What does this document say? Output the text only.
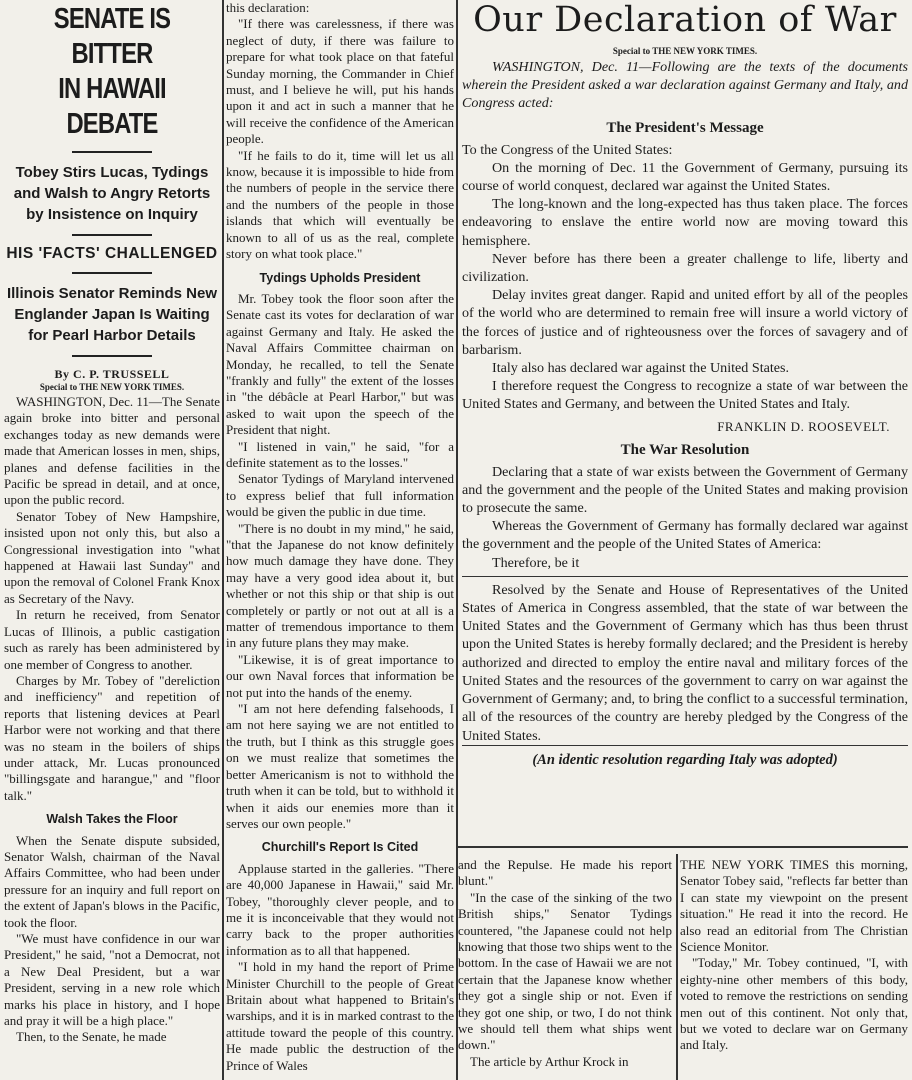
SENATE IS BITTER
IN HAWAII DEBATE
Tobey Stirs Lucas, Tydings
and Walsh to Angry Retorts
by Insistence on Inquiry
HIS 'FACTS' CHALLENGED
Illinois Senator Reminds New
Englander Japan Is Waiting
for Pearl Harbor Details
By C. P. TRUSSELL
Special to THE NEW YORK TIMES.

WASHINGTON, Dec. 11—The Senate again broke into bitter and personal exchanges today as new demands were made that American losses in men, ships, planes and defense facilities in the Pacific be spread in detail, and at once, upon the public record.

Senator Tobey of New Hampshire, insisted upon not only this, but also a Congressional investigation into "what happened at Hawaii last Sunday" and upon the removal of Colonel Frank Knox as Secretary of the Navy.

In return he received, from Senator Lucas of Illinois, a public castigation such as rarely has been administered by one member of Congress to another.

Charges by Mr. Tobey of "dereliction and inefficiency" and repetition of reports that listening devices at Pearl Harbor were not working and that there was no steam in the boilers of ships under attack, Mr. Lucas pronounced "billingsgate and harangue," and "floor talk."

Walsh Takes the Floor

When the Senate dispute subsided, Senator Walsh, chairman of the Naval Affairs Committee, who had been under pressure for an inquiry and full report on the extent of Japan's blows in the Pacific, took the floor.

"We must have confidence in our war President," he said, "not a Democrat, not a New Deal President, but a war President, serving in a new role which marks his place in history, and I hope and pray it will be a high place."

Then, to the Senate, he made

this declaration:

"If there was carelessness, if there was neglect of duty, if there was failure to prepare for what took place on that fateful Sunday morning, the Commander in Chief must, and I believe he will, put his hands upon it and act in such a manner that he will receive the confidence of the American people.

"If he fails to do it, time will let us all know, because it is impossible to hide from the numbers of people in the service there and the numbers of the people in those islands that which will eventually be known to all of us as the real, complete story on what took place."

Tydings Upholds President

Mr. Tobey took the floor soon after the Senate cast its votes for declaration of war against Germany and Italy. He asked the Naval Affairs Committee chairman on Monday, he recalled, to tell the Senate "frankly and fully" the extent of the losses in "the débâcle at Pearl Harbor," but was asked to wait upon the speech of the President that night.

"I listened in vain," he said, "for a definite statement as to the losses."

Senator Tydings of Maryland intervened to express belief that full information would be given the public in due time.

"There is no doubt in my mind," he said, "that the Japanese do not know definitely how much damage they have done. They may have a very good idea about it, but whether or not this ship or that ship is out completely or partly or not out at all is a matter of tremendous importance to them in any future plans they may make.

"Likewise, it is of great importance to our own Naval forces that information be not put into the hands of the enemy.

"I am not here defending falsehoods, I am not here saying we are not entitled to the truth, but I think as this struggle goes on we must realize that sometimes the better Americanism is not to withhold the truth when it can be told, but to withhold it when it aids our enemies more than it serves our own people."

Churchill's Report Is Cited

Applause started in the galleries. "There are 40,000 Japanese in Hawaii," said Mr. Tobey, "thoroughly clever people, and to me it is inconceivable that they would not carry back to the proper authorities information as to all that happened.

"I hold in my hand the report of Prime Minister Churchill to the people of Great Britain about what happened to Britain's warships, and it is in marked contrast to the attitude toward the people of this country. He made public the destruction of the Prince of Wales

Our Declaration of War
Special to THE NEW YORK TIMES.

WASHINGTON, Dec. 11—Following are the texts of the documents wherein the President asked a war declaration against Germany and Italy, and Congress acted:

The President's Message

To the Congress of the United States:

On the morning of Dec. 11 the Government of Germany, pursuing its course of world conquest, declared war against the United States.

The long-known and the long-expected has thus taken place. The forces endeavoring to enslave the entire world now are moving toward this hemisphere.

Never before has there been a greater challenge to life, liberty and civilization.

Delay invites great danger. Rapid and united effort by all of the peoples of the world who are determined to remain free will insure a world victory of the forces of justice and of righteousness over the forces of savagery and of barbarism.

Italy also has declared war against the United States.

I therefore request the Congress to recognize a state of war between the United States and Germany, and between the United States and Italy.

FRANKLIN D. ROOSEVELT.
The War Resolution

Declaring that a state of war exists between the Government of Germany and the government and the people of the United States and making provision to prosecute the same.

Whereas the Government of Germany has formally declared war against the government and the people of the United States of America:

Therefore, be it

Resolved by the Senate and House of Representatives of the United States of America in Congress assembled, that the state of war between the United States and the Government of Germany which has thus been thrust upon the United States is hereby formally declared; and the President is hereby authorized and directed to employ the entire naval and military forces of the United States and the resources of the government to carry on war against the Government of Germany; and, to bring the conflict to a successful termination, all of the resources of the country are hereby pledged by the Congress of the United States.

(An identic resolution regarding Italy was adopted)

and the Repulse. He made his report blunt."

"In the case of the sinking of the two British ships," Senator Tydings countered, "the Japanese could not help knowing that those two ships went to the bottom. In the case of Hawaii we are not certain that the Japanese know whether they got a single ship or not. Even if they got one ship, or two, I do not think we should tell them what ships went down."

The article by Arthur Krock in

THE NEW YORK TIMES this morning, Senator Tobey said, "reflects far better than I can state my viewpoint on the present situation." He read it into the record. He also read an editorial from The Christian Science Monitor.

"Today," Mr. Tobey continued, "I, with eighty-nine other members of this body, voted to remove the restrictions on sending men out of this continent. Not only that, but we voted to declare war on Germany and Italy.
